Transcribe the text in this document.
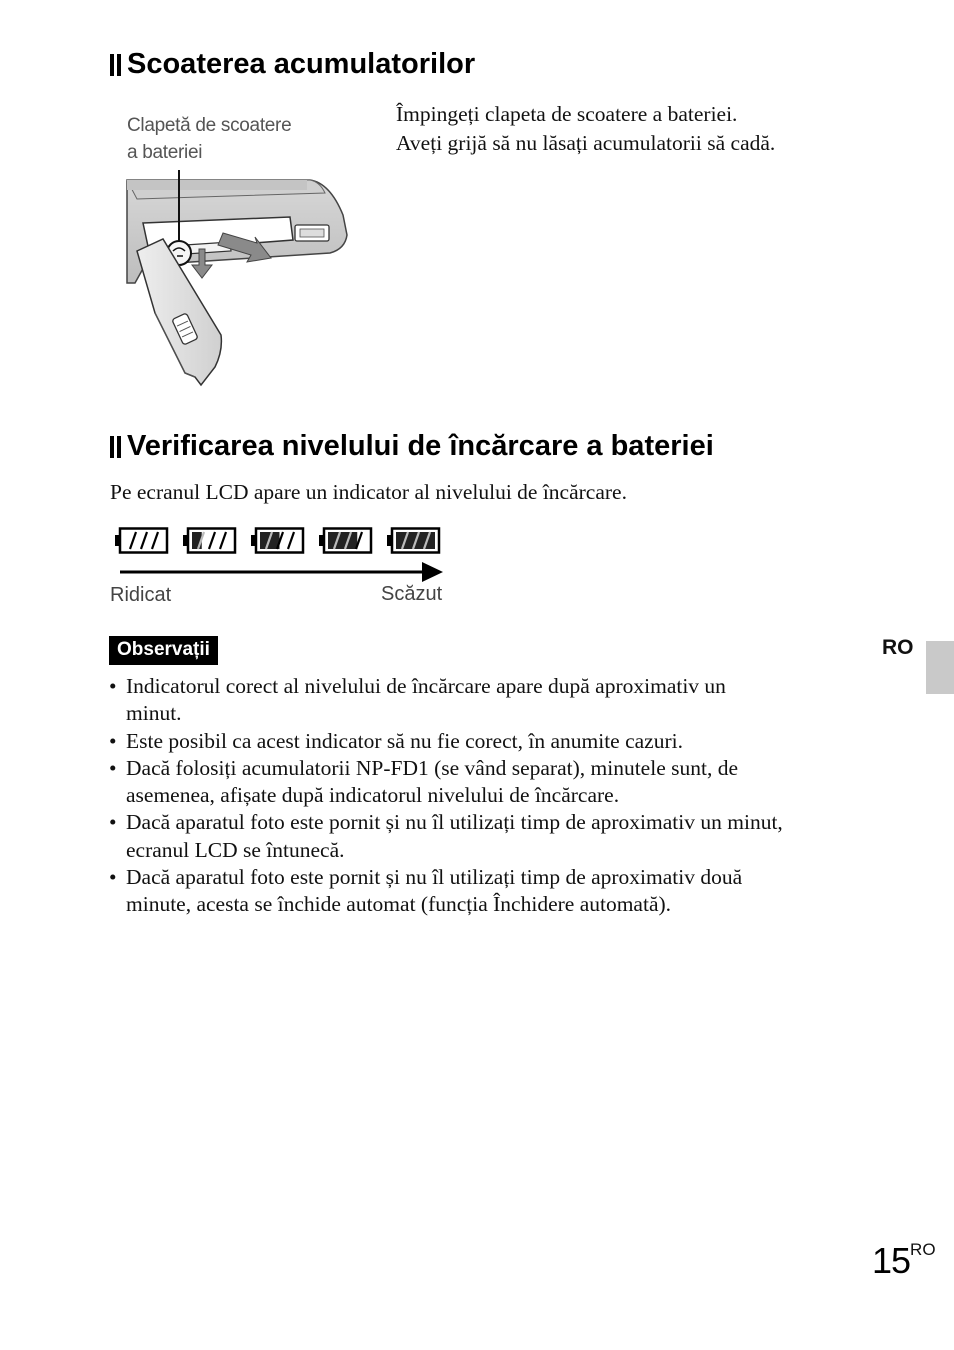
Scoaterea acumulatorilor
Clapetă de scoatere
a bateriei
Împingeți clapeta de scoatere a bateriei.
Aveți grijă să nu lăsați acumulatorii să cadă.
Verificarea nivelului de încărcare a bateriei
Pe ecranul LCD apare un indicator al nivelului de încărcare.
Ridicat	Scăzut
Observații
• Indicatorul corect al nivelului de încărcare apare după aproximativ un
minut.
• Este posibil ca acest indicator să nu fie corect, în anumite cazuri.
• Dacă folosiți acumulatorii NP-FD1 (se vând separat), minutele sunt, de
asemenea, afișate după indicatorul nivelului de încărcare.
• Dacă aparatul foto este pornit și nu îl utilizați timp de aproximativ un minut,
ecranul LCD se întunecă.
• Dacă aparatul foto este pornit și nu îl utilizați timp de aproximativ două
minute, acesta se închide automat (funcția Închidere automată).
RO
15RO
